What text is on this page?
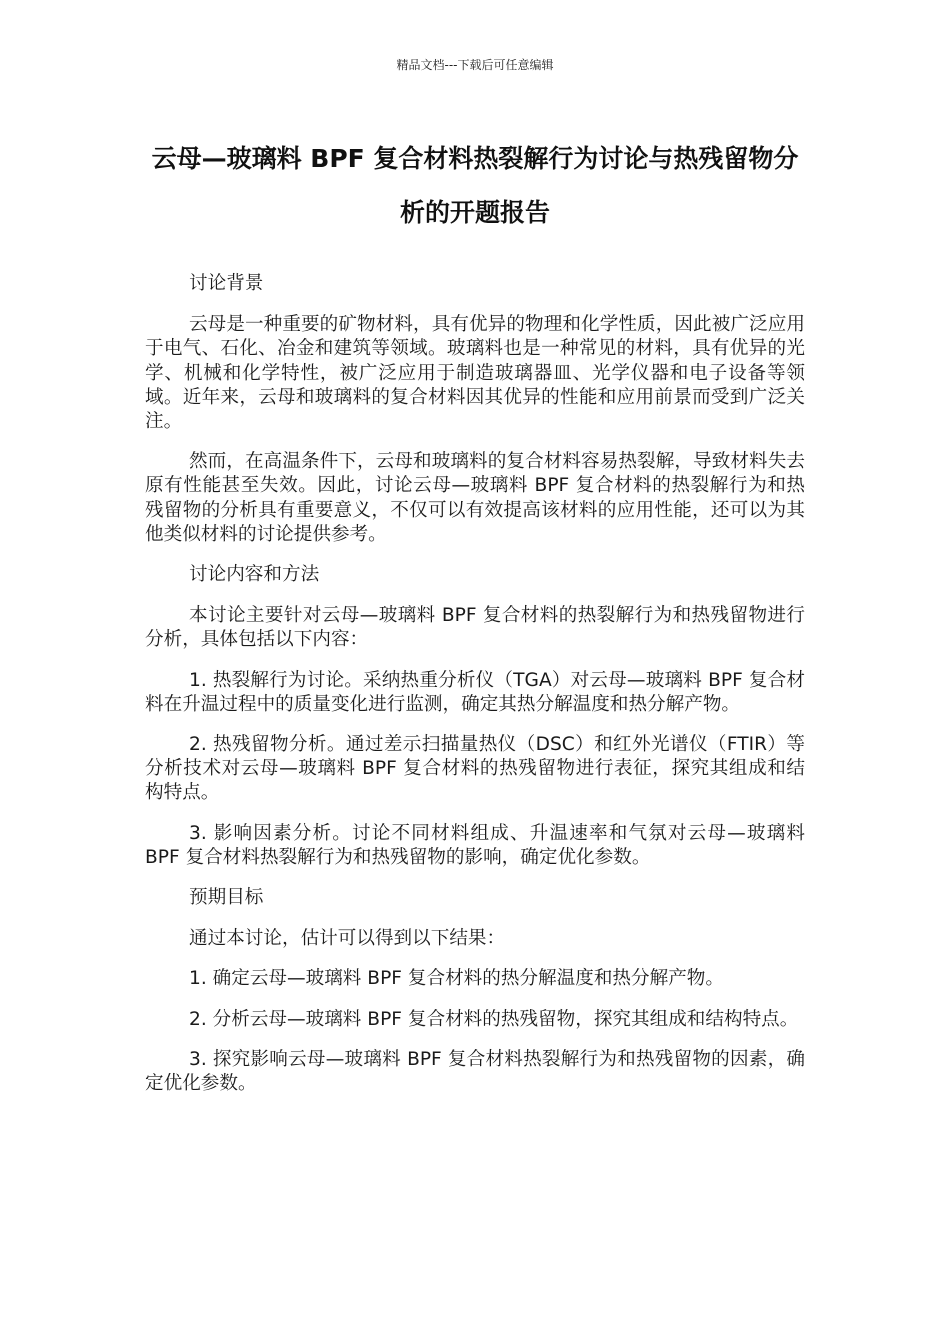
精品文档---下载后可任意编辑
云母—玻璃料 BPF 复合材料热裂解行为讨论与热残留物分析的开题报告

讨论背景

云母是一种重要的矿物材料，具有优异的物理和化学性质，因此被广泛应用于电气、石化、冶金和建筑等领域。玻璃料也是一种常见的材料，具有优异的光学、机械和化学特性，被广泛应用于制造玻璃器皿、光学仪器和电子设备等领域。近年来，云母和玻璃料的复合材料因其优异的性能和应用前景而受到广泛关注。

然而，在高温条件下，云母和玻璃料的复合材料容易热裂解，导致材料失去原有性能甚至失效。因此，讨论云母—玻璃料 BPF 复合材料的热裂解行为和热残留物的分析具有重要意义，不仅可以有效提高该材料的应用性能，还可以为其他类似材料的讨论提供参考。

讨论内容和方法

本讨论主要针对云母—玻璃料 BPF 复合材料的热裂解行为和热残留物进行分析，具体包括以下内容：

1. 热裂解行为讨论。采纳热重分析仪（TGA）对云母—玻璃料 BPF 复合材料在升温过程中的质量变化进行监测，确定其热分解温度和热分解产物。

2. 热残留物分析。通过差示扫描量热仪（DSC）和红外光谱仪（FTIR）等分析技术对云母—玻璃料 BPF 复合材料的热残留物进行表征，探究其组成和结构特点。

3. 影响因素分析。讨论不同材料组成、升温速率和气氛对云母—玻璃料 BPF 复合材料热裂解行为和热残留物的影响，确定优化参数。

预期目标

通过本讨论，估计可以得到以下结果：

1. 确定云母—玻璃料 BPF 复合材料的热分解温度和热分解产物。

2. 分析云母—玻璃料 BPF 复合材料的热残留物，探究其组成和结构特点。

3. 探究影响云母—玻璃料 BPF 复合材料热裂解行为和热残留物的因素，确定优化参数。
